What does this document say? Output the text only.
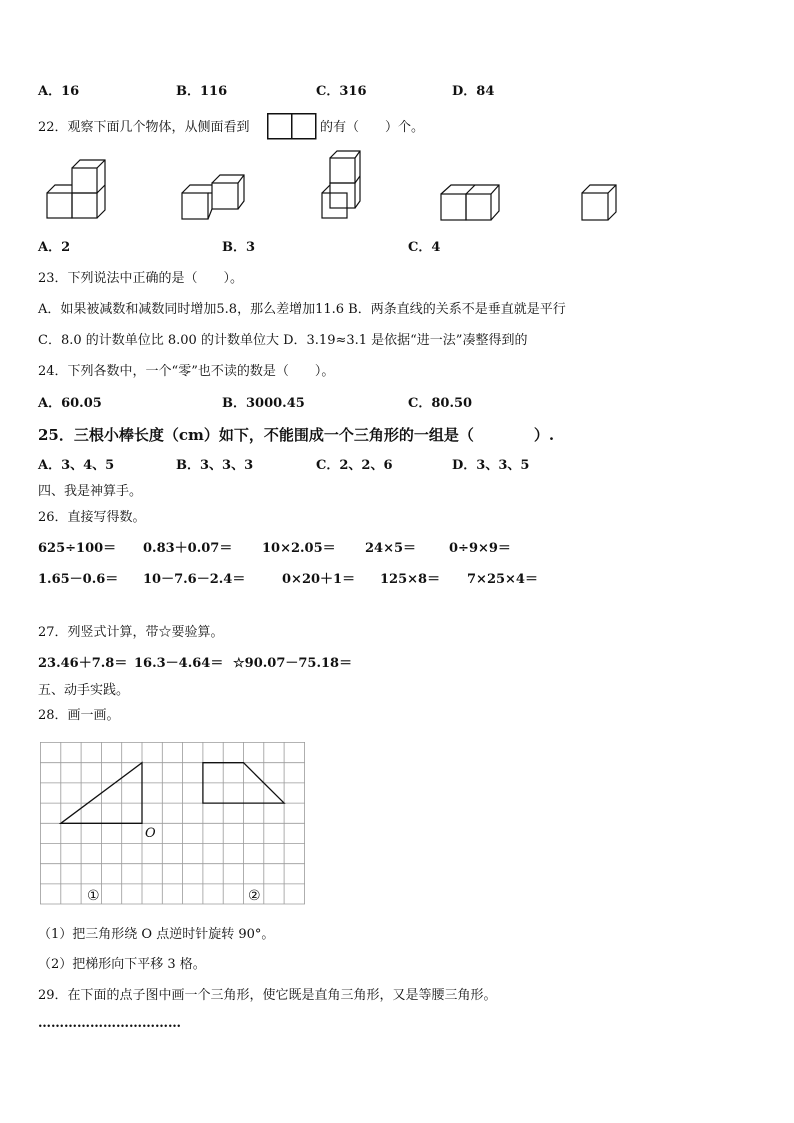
A．16	B．116	C．316	D．84
22．观察下面几个物体，从侧面看到	的有（　　）个。
A．2	B．3	C．4
23．下列说法中正确的是（　　）。
A．如果被减数和减数同时增加5.8，那么差增加11.6 B．两条直线的关系不是垂直就是平行
C．8.0 的计数单位比 8.00 的计数单位大 D．3.19≈3.1 是依据“进一法”凑整得到的
24．下列各数中，一个“零”也不读的数是（　　）。
A．60.05	B．3000.45	C．80.50
25．三根小棒长度（cm）如下，不能围成一个三角形的一组是（　　　　）.
A．3、4、5	B．3、3、3	C．2、2、6	D．3、3、5
四、我是神算手。
26．直接写得数。
625÷100＝ 0.83＋0.07＝ 10×2.05＝ 24×5＝	0÷9×9＝
1.65－0.6＝ 10－7.6－2.4＝	0×20＋1＝ 125×8＝ 7×25×4＝
27．列竖式计算，带☆要验算。
23.46＋7.8＝ 16.3－4.64＝ ☆90.07－75.18＝
五、动手实践。
28．画一画。
O
①	②
（1）把三角形绕 O 点逆时针旋转 90°。
（2）把梯形向下平移 3 格。
29．在下面的点子图中画一个三角形，使它既是直角三角形，又是等腰三角形。
……………………………
